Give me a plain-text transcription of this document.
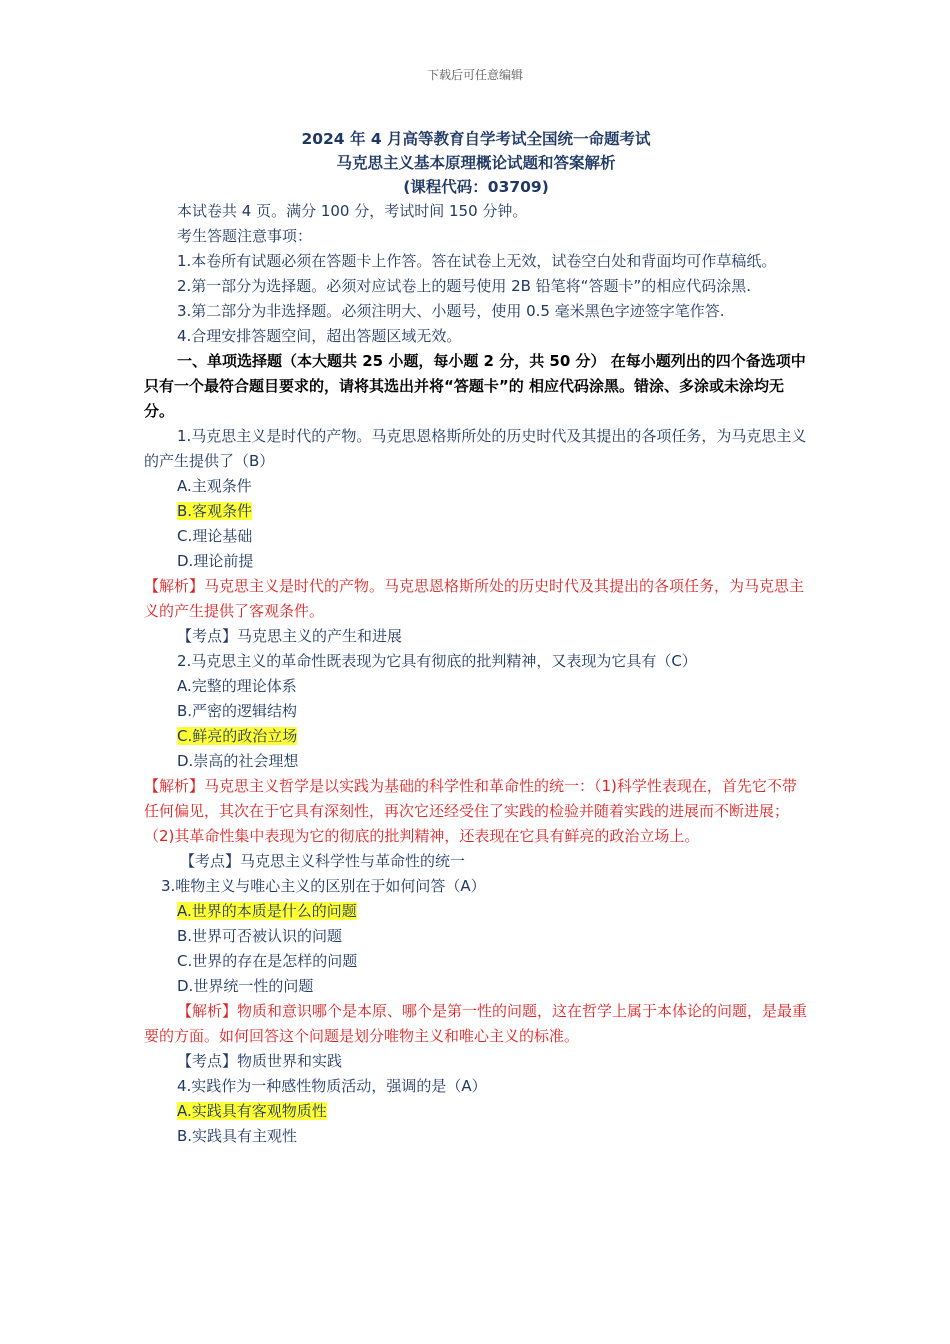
下载后可任意编辑
2024 年 4 月高等教育自学考试全国统一命题考试
马克思主义基本原理概论试题和答案解析
(课程代码：03709)

本试卷共 4 页。满分 100 分，考试时间 150 分钟。

考生答题注意事项：

1.本卷所有试题必须在答题卡上作答。答在试卷上无效，试卷空白处和背面均可作草稿纸。

2.第一部分为选择题。必须对应试卷上的题号使用 2B 铅笔将“答题卡”的相应代码涂黑.

3.第二部分为非选择题。必须注明大、小题号，使用 0.5 毫米黑色字迹签字笔作答.

4.合理安排答题空间，超出答题区域无效。

一、单项选择题（本大题共 25 小题，每小题 2 分，共 50 分） 在每小题列出的四个备选项中只有一个最符合题目要求的，请将其选出并将“答题卡”的 相应代码涂黑。错涂、多涂或未涂均无分。

1.马克思主义是时代的产物。马克思恩格斯所处的历史时代及其提出的各项任务，为马克思主义的产生提供了（B）

A.主观条件

B.客观条件

C.理论基础

D.理论前提

【解析】马克思主义是时代的产物。马克思恩格斯所处的历史时代及其提出的各项任务，为马克思主义的产生提供了客观条件。

【考点】马克思主义的产生和进展

2.马克思主义的革命性既表现为它具有彻底的批判精神，又表现为它具有（C）

A.完整的理论体系

B.严密的逻辑结构

C.鲜亮的政治立场

D.崇高的社会理想

【解析】马克思主义哲学是以实践为基础的科学性和革命性的统一：（1)科学性表现在，首先它不带任何偏见，其次在于它具有深刻性，再次它还经受住了实践的检验并随着实践的进展而不断进展；（2)其革命性集中表现为它的彻底的批判精神，还表现在它具有鲜亮的政治立场上。

【考点】马克思主义科学性与革命性的统一

3.唯物主义与唯心主义的区别在于如何问答（A）

A.世界的本质是什么的问题

B.世界可否被认识的问题

C.世界的存在是怎样的问题

D.世界统一性的问题

【解析】物质和意识哪个是本原、哪个是第一性的问题，这在哲学上属于本体论的问题，是最重要的方面。如何回答这个问题是划分唯物主义和唯心主义的标准。

【考点】物质世界和实践

4.实践作为一种感性物质活动，强调的是（A）

A.实践具有客观物质性

B.实践具有主观性
